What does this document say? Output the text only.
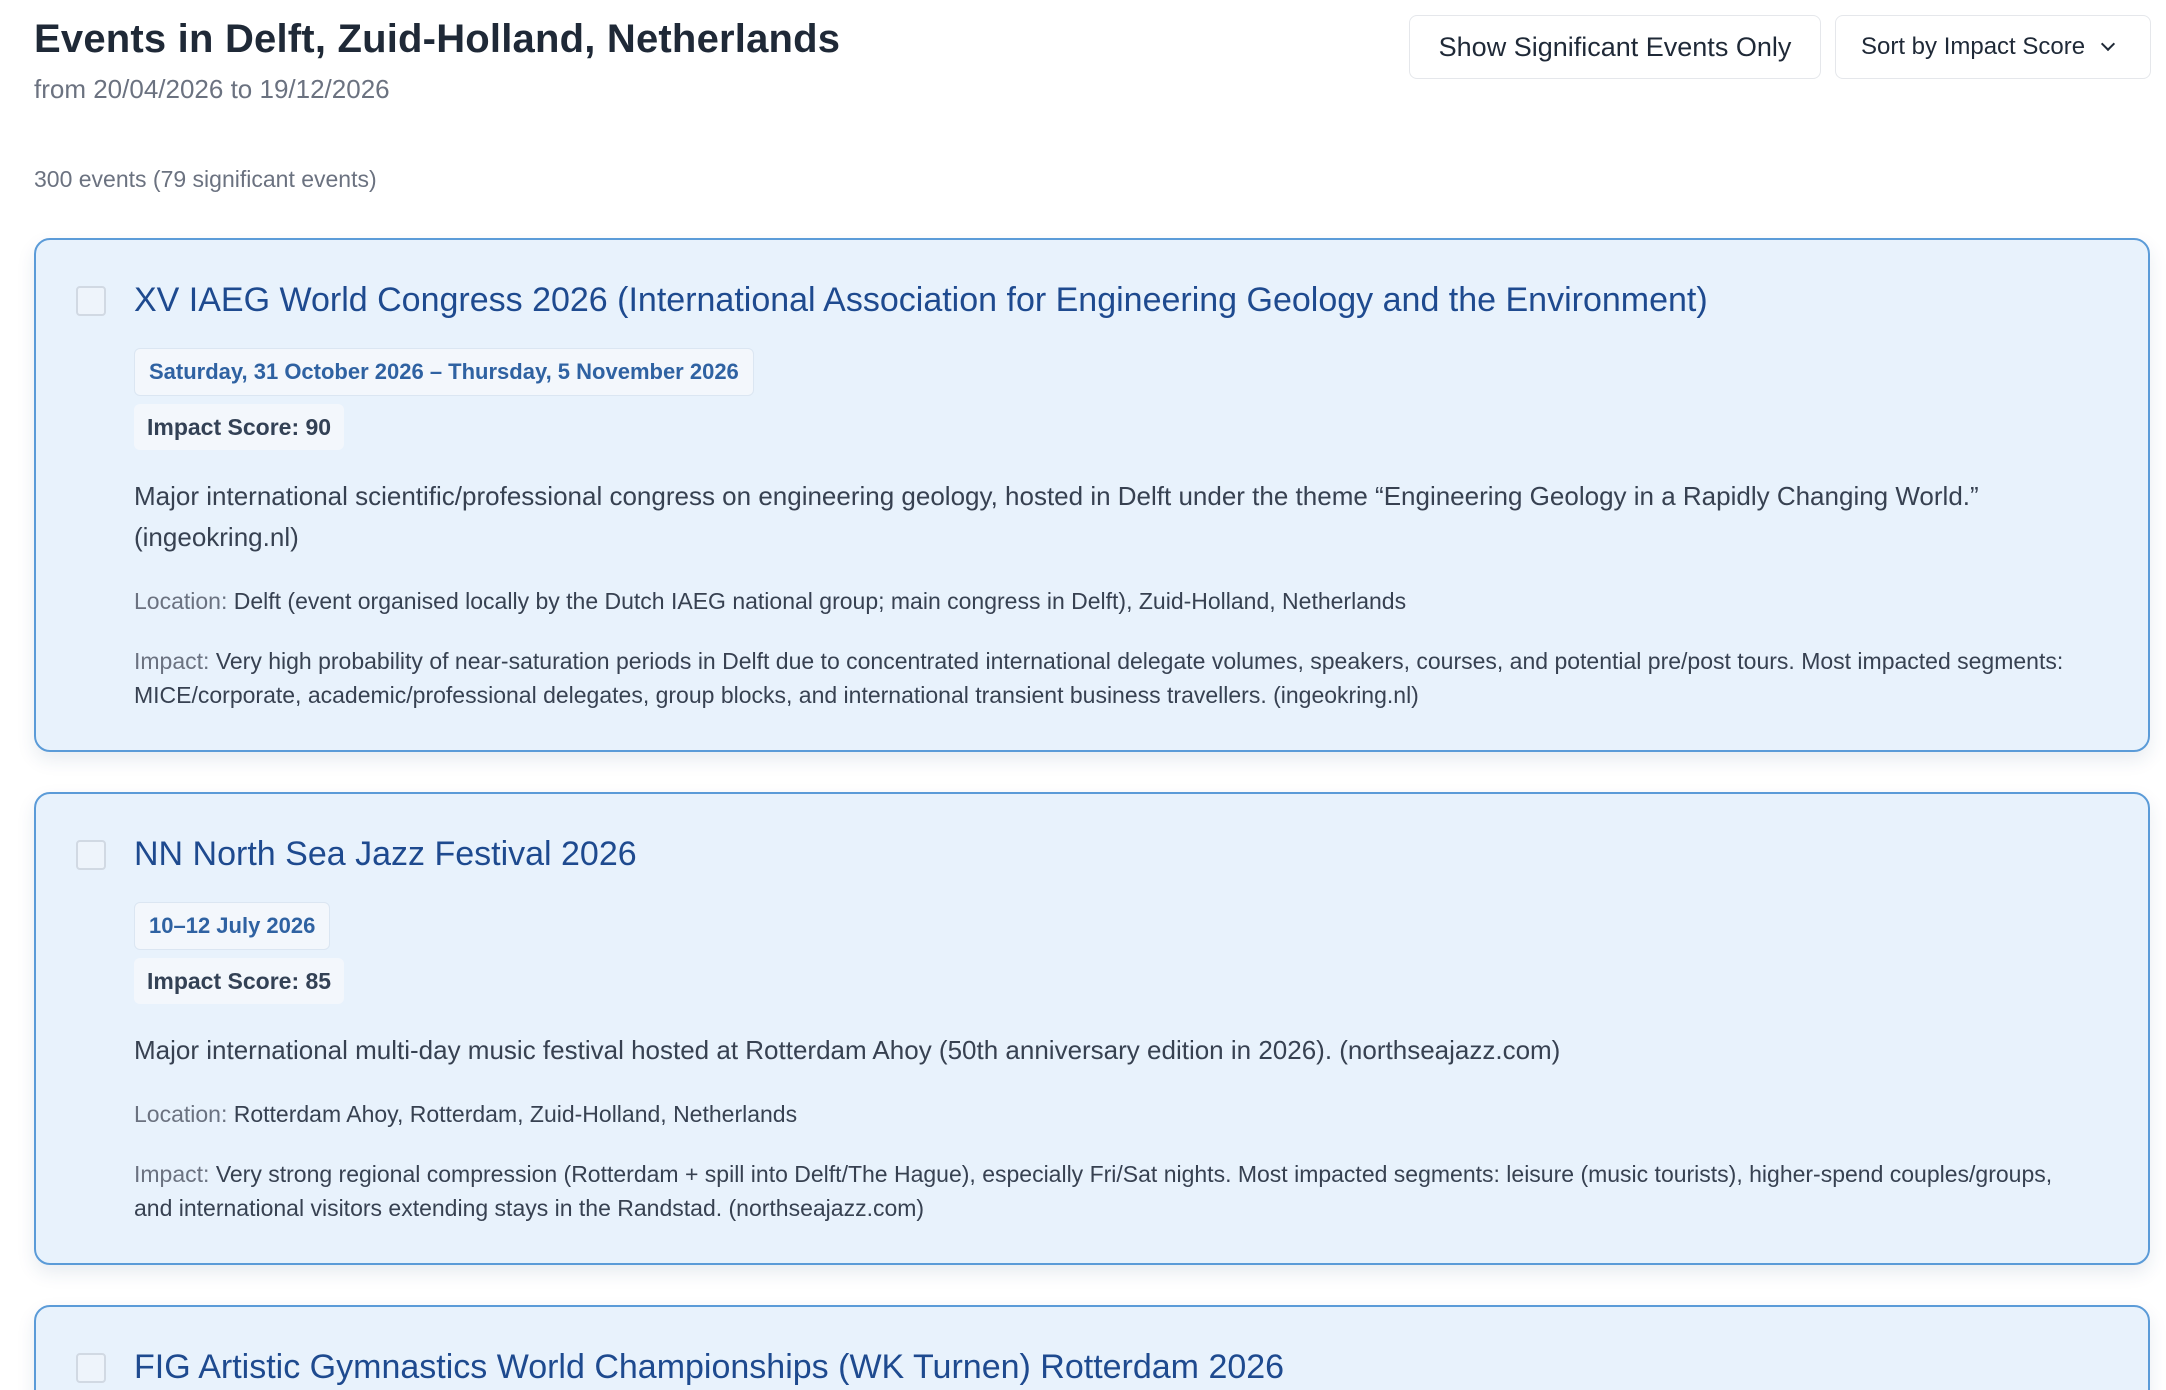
Events in Delft, Zuid-Holland, Netherlands
from 20/04/2026 to 19/12/2026
Show Significant Events Only	Sort by Impact Score
300 events (79 significant events)
XV IAEG World Congress 2026 (International Association for Engineering Geology and the Environment)
Saturday, 31 October 2026 – Thursday, 5 November 2026
Impact Score: 90
Major international scientific/professional congress on engineering geology, hosted in Delft under the theme “Engineering Geology in a Rapidly Changing World.” (ingeokring.nl)
Location: Delft (event organised locally by the Dutch IAEG national group; main congress in Delft), Zuid-Holland, Netherlands
Impact: Very high probability of near-saturation periods in Delft due to concentrated international delegate volumes, speakers, courses, and potential pre/post tours. Most impacted segments: MICE/corporate, academic/professional delegates, group blocks, and international transient business travellers. (ingeokring.nl)
NN North Sea Jazz Festival 2026
10–12 July 2026
Impact Score: 85
Major international multi-day music festival hosted at Rotterdam Ahoy (50th anniversary edition in 2026). (northseajazz.com)
Location: Rotterdam Ahoy, Rotterdam, Zuid-Holland, Netherlands
Impact: Very strong regional compression (Rotterdam + spill into Delft/The Hague), especially Fri/Sat nights. Most impacted segments: leisure (music tourists), higher-spend couples/groups, and international visitors extending stays in the Randstad. (northseajazz.com)
FIG Artistic Gymnastics World Championships (WK Turnen) Rotterdam 2026
